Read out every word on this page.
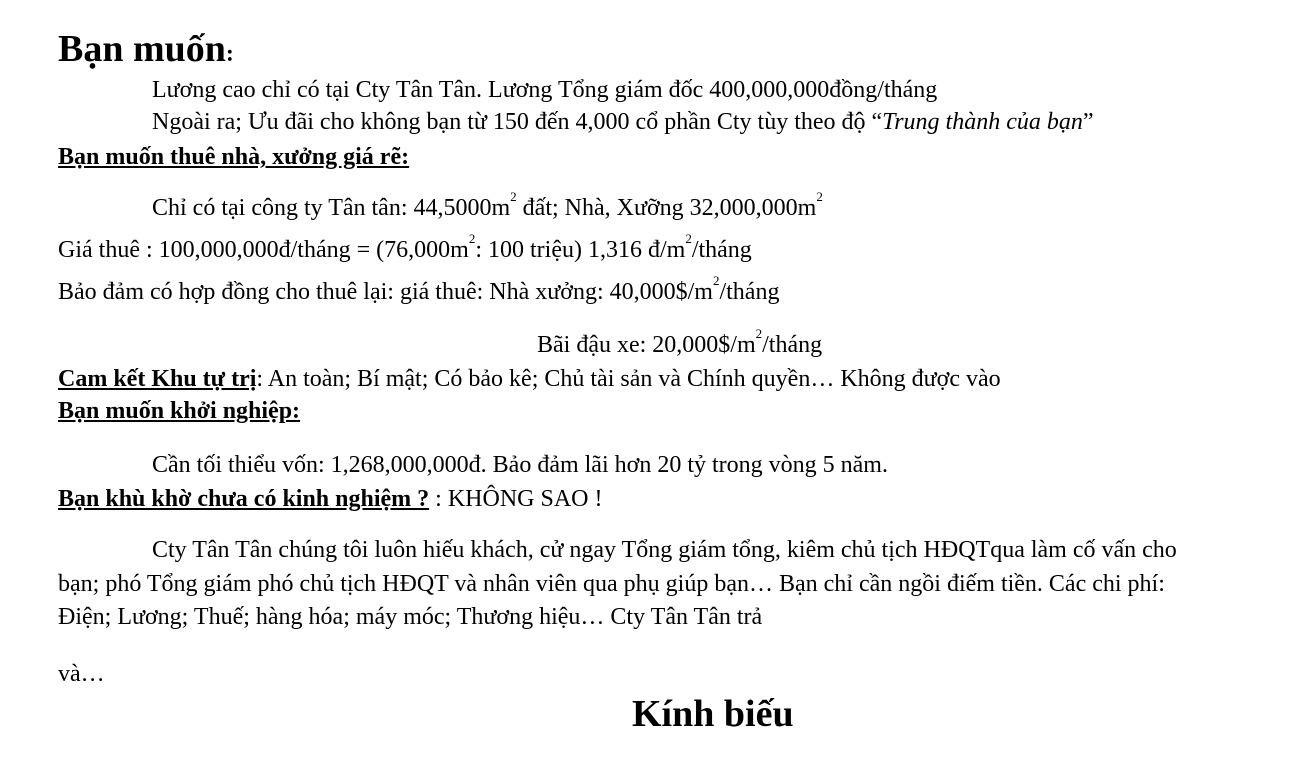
Bạn muốn:
Lương cao chỉ có tại Cty Tân Tân. Lương Tổng giám đốc 400,000,000đồng/tháng
Ngoài ra; Ưu đãi cho không bạn từ 150 đến 4,000 cổ phần Cty tùy theo độ “Trung thành của bạn”
Bạn muốn thuê nhà, xưởng giá rẽ:
Chỉ có tại công ty Tân tân: $44,5000m^2$ đất; Nhà, Xưỡng $32,000,000m^2$
Giá thuê : 100,000,000đ/tháng = ($76,000m^2$: 100 triệu) 1,316 $đ/m^2$/tháng
Bảo đảm có hợp đồng cho thuê lại: giá thuê: Nhà xưởng: $40,000\$/m^2$/tháng
Bãi đậu xe: $20,000\$/m^2$/tháng
Cam kết Khu tự trị: An toàn; Bí mật; Có bảo kê; Chủ tài sản và Chính quyền… Không được vào
Bạn muốn khởi nghiệp:
Cần tối thiểu vốn: 1,268,000,000đ. Bảo đảm lãi hơn 20 tỷ trong vòng 5 năm.
Bạn khù khờ chưa có kinh nghiệm ? : KHÔNG SAO !
Cty Tân Tân chúng tôi luôn hiếu khách, cử ngay Tổng giám tổng, kiêm chủ tịch HĐQTqua làm cố vấn cho
bạn; phó Tổng giám phó chủ tịch HĐQT và nhân viên qua phụ giúp bạn… Bạn chỉ cần ngồi điếm tiền. Các chi phí:
Điện; Lương; Thuế; hàng hóa; máy móc; Thương hiệu… Cty Tân Tân trả
và…
Kính biếu
